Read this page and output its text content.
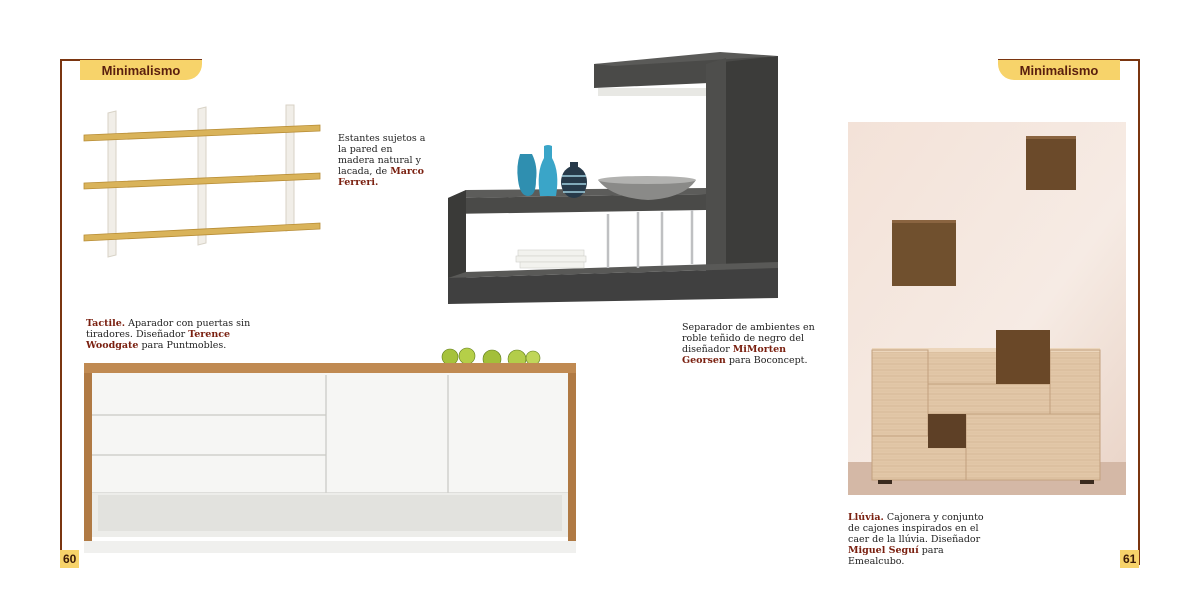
Minimalismo
60
Minimalismo
61
Estantes sujetos a la pared en madera natural y lacada, de Marco Ferreri.
Tactile. Aparador con puertas sin tiradores. Diseñador Terence Woodgate para Puntmobles.
Separador de ambientes en roble teñido de negro del diseñador MiMorten Georsen para Boconcept.
Llúvia. Cajonera y conjunto de cajones inspirados en el caer de la llúvia. Diseñador Miguel Seguí para Emealcubo.
